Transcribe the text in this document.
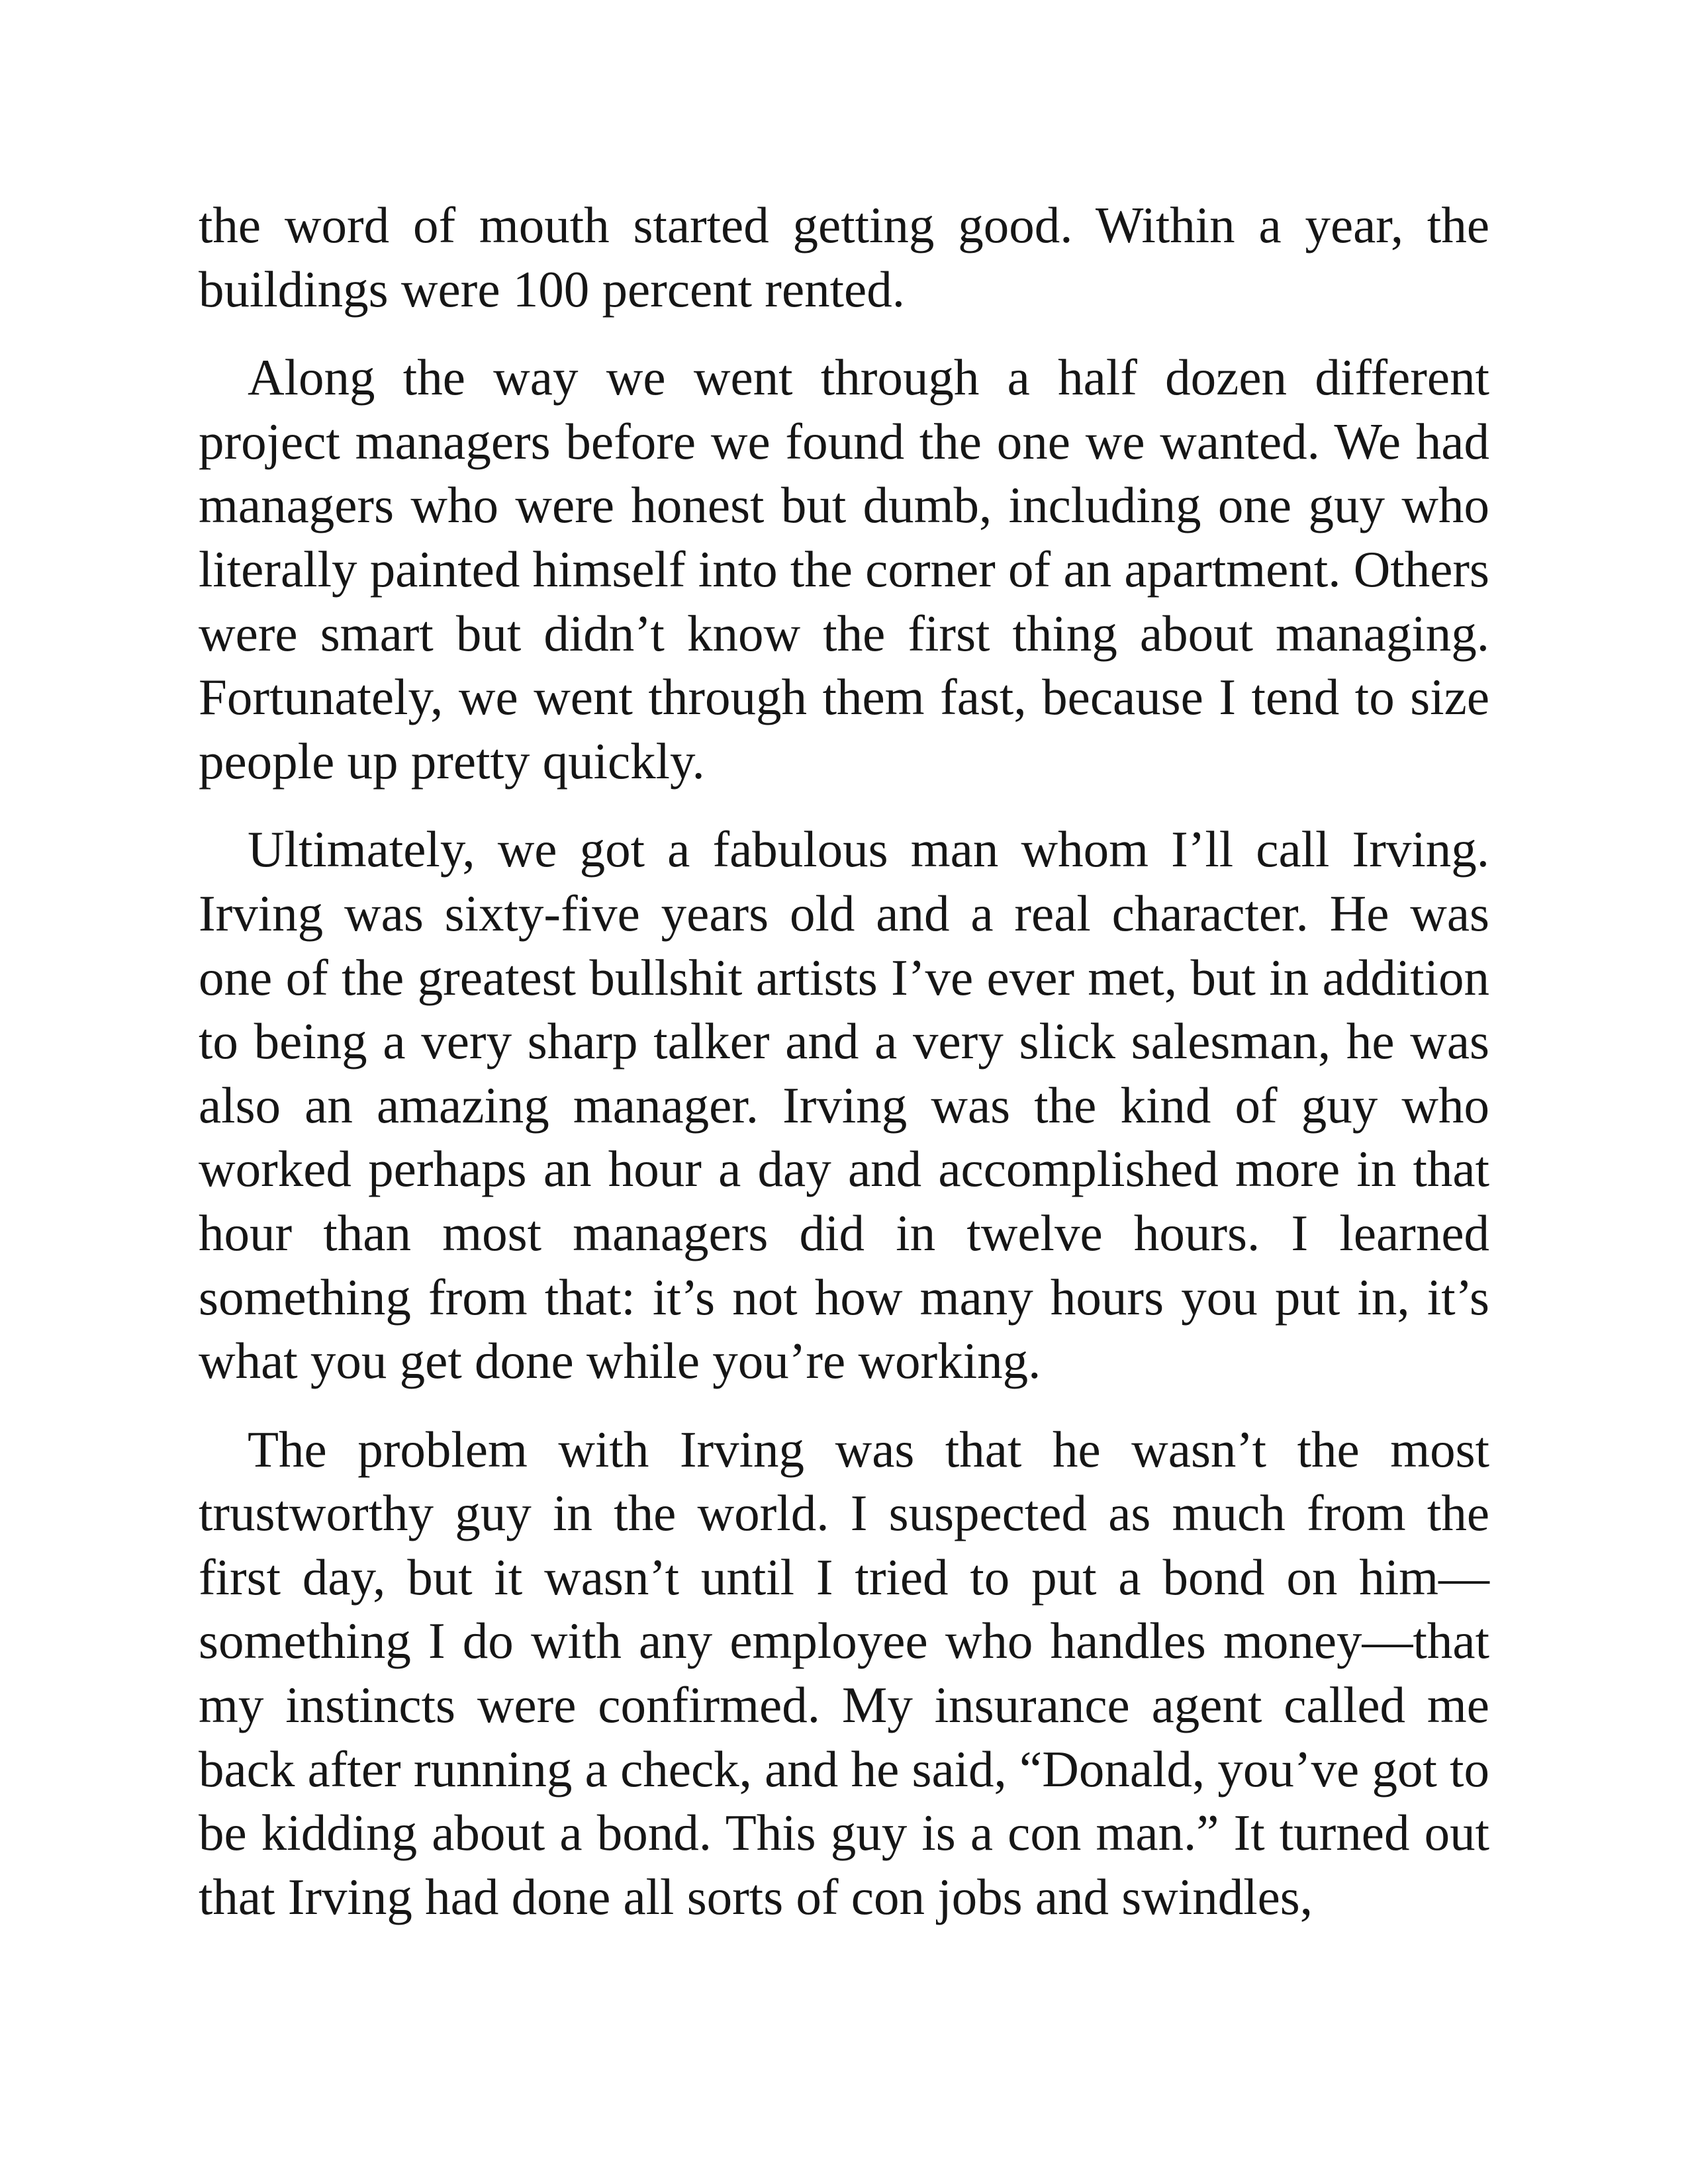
the word of mouth started getting good. Within a year, the buildings were 100 percent rented.

Along the way we went through a half dozen different project managers before we found the one we wanted. We had managers who were honest but dumb, including one guy who literally painted himself into the corner of an apartment. Others were smart but didn’t know the first thing about managing. Fortunately, we went through them fast, because I tend to size people up pretty quickly.

Ultimately, we got a fabulous man whom I’ll call Irving. Irving was sixty-five years old and a real character. He was one of the greatest bullshit artists I’ve ever met, but in addition to being a very sharp talker and a very slick salesman, he was also an amazing manager. Irving was the kind of guy who worked perhaps an hour a day and accomplished more in that hour than most managers did in twelve hours. I learned something from that: it’s not how many hours you put in, it’s what you get done while you’re working.

The problem with Irving was that he wasn’t the most trustworthy guy in the world. I suspected as much from the first day, but it wasn’t until I tried to put a bond on him—something I do with any employee who handles money—that my instincts were confirmed. My insurance agent called me back after running a check, and he said, “Donald, you’ve got to be kidding about a bond. This guy is a con man.” It turned out that Irving had done all sorts of con jobs and swindles,
